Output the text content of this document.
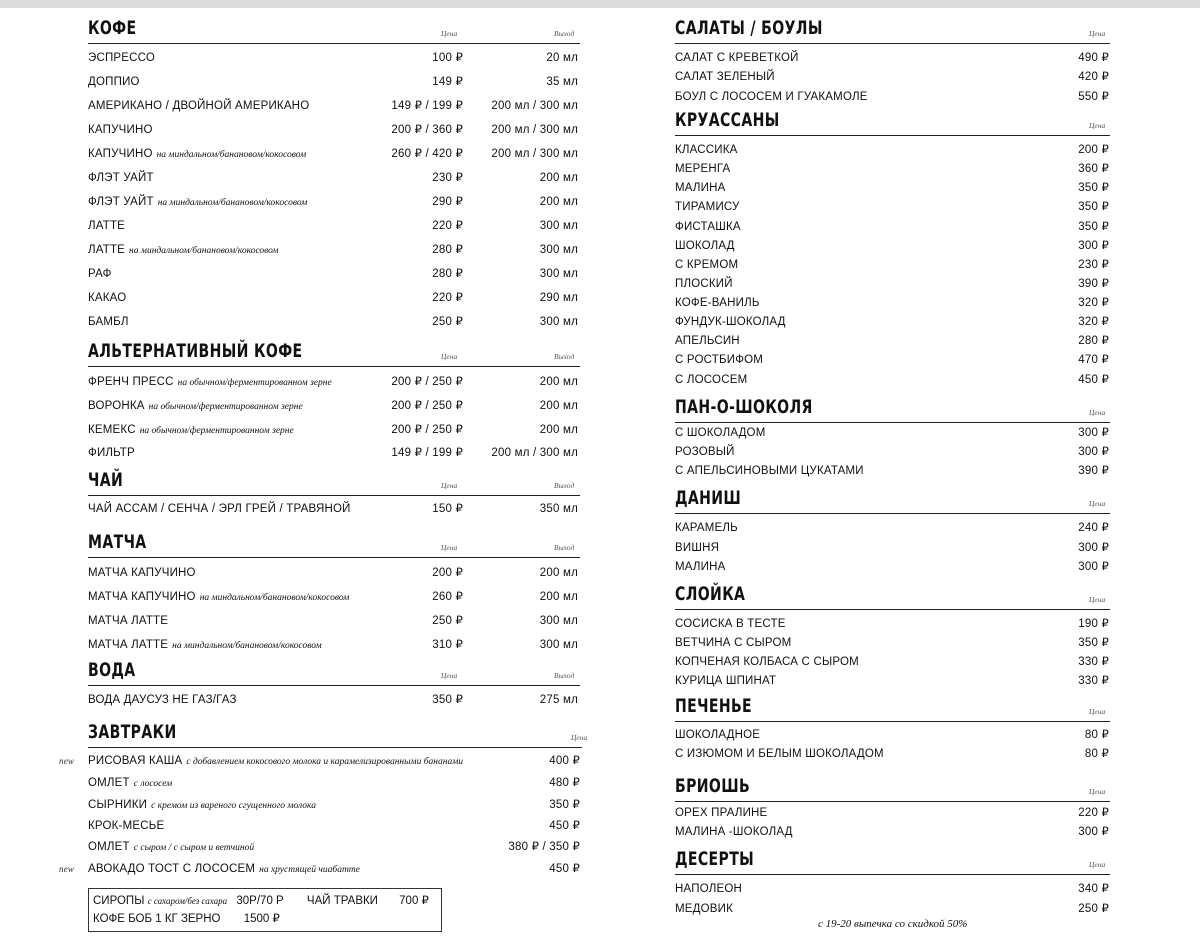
КОФЕ	Цена	Выход
ЭСПРЕССО	100 ₽	20 мл
ДОППИО	149 ₽	35 мл
АМЕРИКАНО / ДВОЙНОЙ АМЕРИКАНО	149 ₽ / 199 ₽ 200 мл / 300 мл
КАПУЧИНО	200 ₽ / 360 ₽ 200 мл / 300 мл
КАПУЧИНО на миндальном/банановом/кокосовом	260 ₽ / 420 ₽ 200 мл / 300 мл
ФЛЭТ УАЙТ	230 ₽	200 мл
ФЛЭТ УАЙТ на миндальном/банановом/кокосовом	290 ₽	200 мл
ЛАТТЕ	220 ₽	300 мл
ЛАТТЕ на миндальном/банановом/кокосовом	280 ₽	300 мл
РАФ	280 ₽	300 мл
КАКАО	220 ₽	290 мл
БАМБЛ	250 ₽	300 мл
АЛЬТЕРНАТИВНЫЙ КОФЕ	Цена	Выход
ФРЕНЧ ПРЕСС на обычном/ферментированном зерне	200 ₽ / 250 ₽	200 мл
ВОРОНКА на обычном/ферментированном зерне	200 ₽ / 250 ₽	200 мл
КЕМЕКС на обычном/ферментированном зерне	200 ₽ / 250 ₽	200 мл
ФИЛЬТР	149 ₽ / 199 ₽ 200 мл / 300 мл
ЧАЙ	Цена	Выход
ЧАЙ АССАМ / СЕНЧА / ЭРЛ ГРЕЙ / ТРАВЯНОЙ	150 ₽	350 мл
МАТЧА	Цена	Выход
МАТЧА КАПУЧИНО	200 ₽	200 мл
МАТЧА КАПУЧИНО на миндальном/банановом/кокосовом	260 ₽	200 мл
МАТЧА ЛАТТЕ	250 ₽	300 мл
МАТЧА ЛАТТЕ на миндальном/банановом/кокосовом	310 ₽	300 мл
ВОДА	Цена	Выход
ВОДА ДАУСУЗ НЕ ГАЗ/ГАЗ	350 ₽	275 мл
ЗАВТРАКИ	Цена
new РИСОВАЯ КАША с добавлением кокосового молока и карамелизированными бананами	400 ₽
ОМЛЕТ с лососем	480 ₽
СЫРНИКИ с кремом из вареного сгущенного молока	350 ₽
КРОК-МЕСЬЕ	450 ₽
ОМЛЕТ с сыром / с сыром и ветчиной	380 ₽ / 350 ₽
new АВОКАДО ТОСТ С ЛОСОСЕМ на хрустящей чиабатте	450 ₽
САЛАТЫ / БОУЛЫ	Цена
САЛАТ С КРЕВЕТКОЙ	490 ₽
САЛАТ ЗЕЛЕНЫЙ	420 ₽
БОУЛ С ЛОСОСЕМ И ГУАКАМОЛЕ	550 ₽
КРУАССАНЫ	Цена
КЛАССИКА	200 ₽
МЕРЕНГА	360 ₽
МАЛИНА	350 ₽
ТИРАМИСУ	350 ₽
ФИСТАШКА	350 ₽
ШОКОЛАД	300 ₽
С КРЕМОМ	230 ₽
ПЛОСКИЙ	390 ₽
КОФЕ-ВАНИЛЬ	320 ₽
ФУНДУК-ШОКОЛАД	320 ₽
АПЕЛЬСИН	280 ₽
С РОСТБИФОМ	470 ₽
С ЛОСОСЕМ	450 ₽
ПАН-О-ШОКОЛЯ	Цена
С ШОКОЛАДОМ	300 ₽
РОЗОВЫЙ	300 ₽
С АПЕЛЬСИНОВЫМИ ЦУКАТАМИ	390 ₽
ДАНИШ	Цена
КАРАМЕЛЬ	240 ₽
ВИШНЯ	300 ₽
МАЛИНА	300 ₽
СЛОЙКА	Цена
СОСИСКА В ТЕСТЕ	190 ₽
ВЕТЧИНА С СЫРОМ	350 ₽
КОПЧЕНАЯ КОЛБАСА С СЫРОМ	330 ₽
КУРИЦА ШПИНАТ	330 ₽
ПЕЧЕНЬЕ	Цена
ШОКОЛАДНОЕ	80 ₽
С ИЗЮМОМ И БЕЛЫМ ШОКОЛАДОМ	80 ₽
БРИОШЬ	Цена
ОРЕХ ПРАЛИНЕ	220 ₽
МАЛИНА -ШОКОЛАД	300 ₽
ДЕСЕРТЫ	Цена
НАПОЛЕОН	340 ₽
МЕДОВИК	250 ₽
СИРОПЫ с сахаром/без сахара 30Р/70 Р ЧАЙ ТРАВКИ 700 ₽
КОФЕ БОБ 1 КГ ЗЕРНО 1500 ₽	с 19-20 выпечка со скидкой 50%
